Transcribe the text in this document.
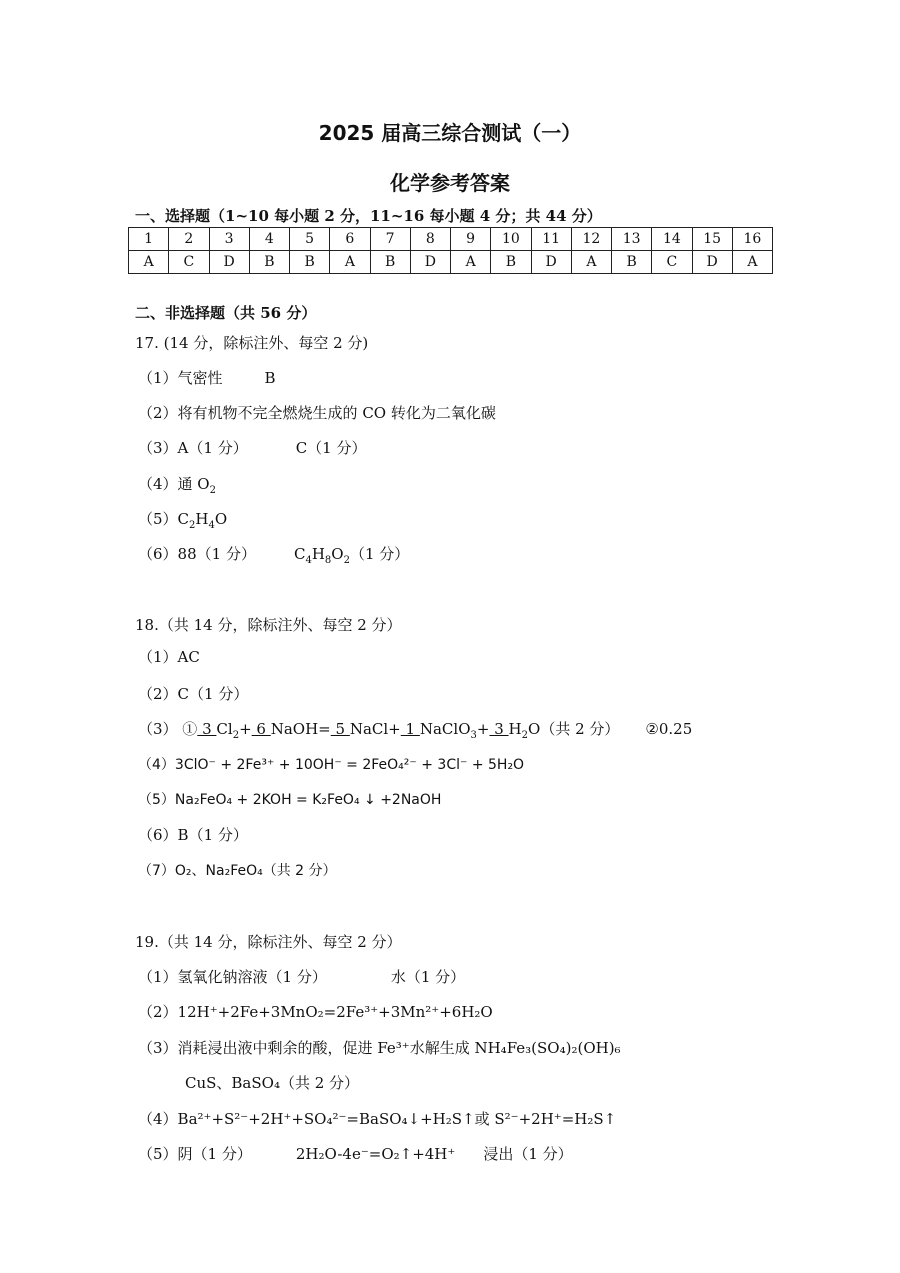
2025 届高三综合测试（一）
化学参考答案
一、选择题（1~10 每小题 2 分，11~16 每小题 4 分；共 44 分）
1	2	3	4	5	6	7	8	9	10	11	12	13	14	15	16
A	C	D	B	B	A	B	D	A	B	D	A	B	C	D	A
二、非选择题（共 56 分）
17. (14 分，除标注外、每空 2 分)
（1）气密性	B
（2）将有机物不完全燃烧生成的 CO 转化为二氧化碳
（3）A（1 分）	C（1 分）
（4）通 $O_2$
$(5)C_2H_4O$
（6）88（1 分）	$C_4H_8O_2(1$ 分）
18.（共 14 分，除标注外、每空 2 分）
（1）AC
（2）C（1 分）
（3） ① 3 $Cl_2+ 6$ NaOH= 5 NaCl+ 1 NaClO$_3$+ 3 $H_2O$（共 2 分） ②0.25
（4）3ClO⁻ + 2Fe³⁺ + 10OH⁻ = 2FeO₄²⁻ + 3Cl⁻ + 5H₂O
（5）Na₂FeO₄ + 2KOH = K₂FeO₄ ↓ +2NaOH
（6）B（1 分）
（7）O₂、Na₂FeO₄（共 2 分）
19.（共 14 分，除标注外、每空 2 分）
（1）氢氧化钠溶液（1 分）	水（1 分）
（2）12H⁺+2Fe+3MnO₂=2Fe³⁺+3Mn²⁺+6H₂O
（3）消耗浸出液中剩余的酸，促进 Fe³⁺水解生成 NH₄Fe₃(SO₄)₂(OH)₆
CuS、BaSO₄（共 2 分）
（4）Ba²⁺+S²⁻+2H⁺+SO₄²⁻=BaSO₄↓+H₂S↑或 S²⁻+2H⁺=H₂S↑
（5）阴（1 分）	2H₂O-4e⁻=O₂↑+4H⁺ 浸出（1 分）
